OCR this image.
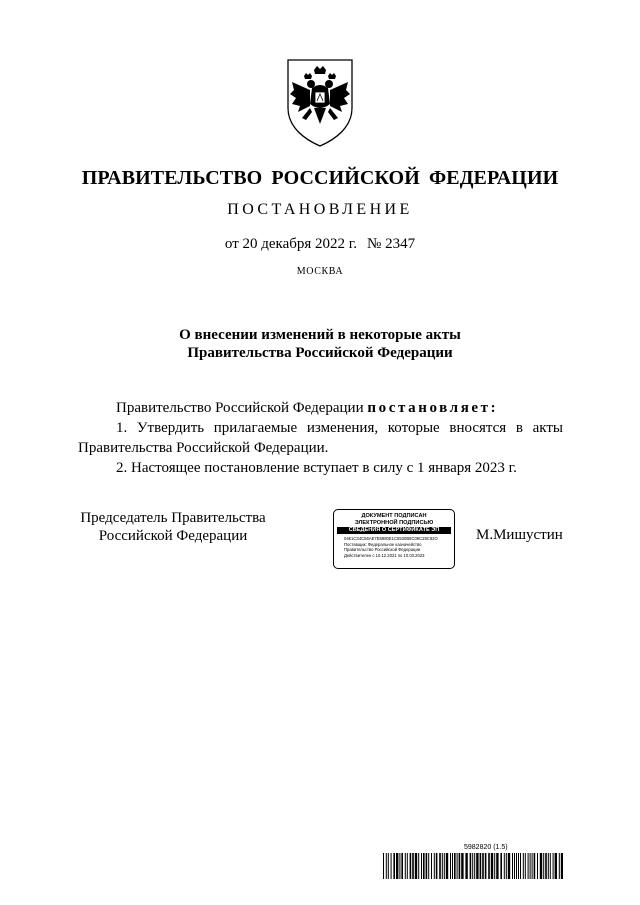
ПРАВИТЕЛЬСТВО РОССИЙСКОЙ ФЕДЕРАЦИИ
ПОСТАНОВЛЕНИЕ
от 20 декабря 2022 г. № 2347
МОСКВА
О внесении изменений в некоторые акты
Правительства Российской Федерации

Правительство Российской Федерации постановляет:

1. Утвердить прилагаемые изменения, которые вносятся в акты Правительства Российской Федерации.

2. Настоящее постановление вступает в силу с 1 января 2023 г.

Председатель Правительства
Российской Федерации
ДОКУМЕНТ ПОДПИСАН
ЭЛЕКТРОННОЙ ПОДПИСЬЮ
СВЕДЕНИЯ О СЕРТИФИКАТЕ ЭП
04€1СЗ4С56АЕ7Е8880Е1С5530В8С09С29С82О
Поставщик: Федеральное казначейство
Правительство Российской Федерации
Действителен с 10.12.2021 по 10.03.2023
М.Мишустин
5982820 (1.5)
